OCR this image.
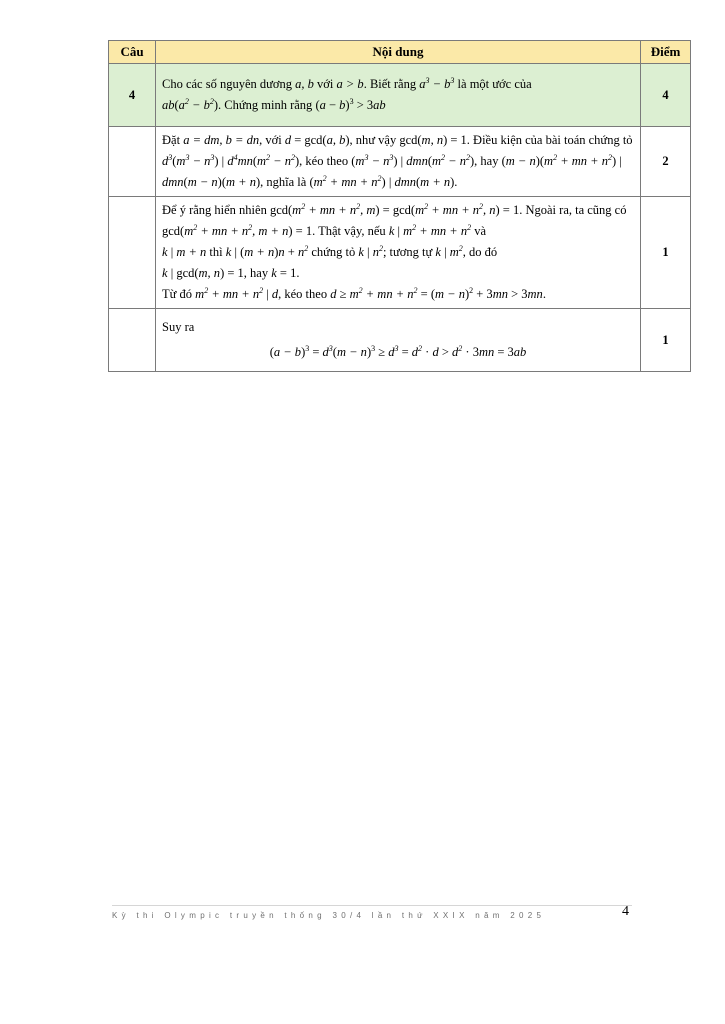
Câu	Nội dung	Điểm
4	Cho các số nguyên dương a, b với a > b. Biết rằng $a^3 - b^3$ là một ước của
$ab(a^2 - b^2)$. Chứng minh rằng $(a - b)^3 > 3ab$	4
	Đặt a = dm, b = dn, với d = gcd(a, b), như vậy gcd(m, n) = 1. Điều kiện của bài toán chứng tỏ $d^3(m^3 - n^3)$ | $d^4mn(m^2 - n^2)$, kéo theo $(m^3 - n^3)$ | $dmn(m^2 - n^2)$, hay $(m - n)(m^2$ + mn + $n^2$) | dmn(m − n)(m + n), nghĩa là ($m^2$ + mn + $n^2$) | dmn(m + n).	2
	Để ý rằng hiển nhiên $\gcd(m^2$ + mn + $n^2$, $m) = \gcd(m^2$ + mn + $n^2$, n) = 1. Ngoài ra, ta cũng có $\gcd(m^2$ + mn + $n^2$, m + n) = 1. Thật vậy, nếu k | $m^2$ + mn + $n^2$ và
k | m + n thì k | $(m + n)n + n^2$ chứng tỏ k | $n^2$; tương tự k | $m^2$, do đó
k | gcd(m, n) = 1, hay k = 1.
Từ đó $m^2$ + mn + $n^2$ | d, kéo theo $d \ge m^2$ + mn + $n^2 = (m - n)^2 + 3mn > 3mn$.	1

	Suy ra
$(a - b)^3 = d^3(m - n)^3 \ge d^3 = d^2 \cdot d > d^2 \cdot 3mn = 3ab$	1
Kỳ thi Olympic truyền thống 30/4 lần thứ XXIX năm 2025	4
